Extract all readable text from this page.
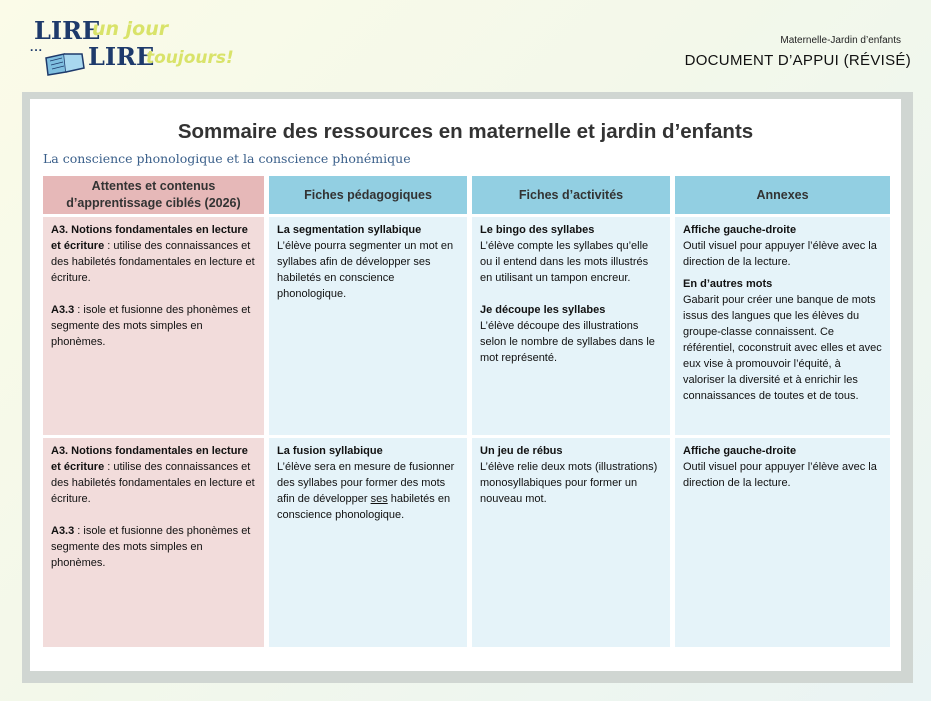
LIRE
un jour
... LIRE
toujours!
Maternelle-Jardin d’enfants
DOCUMENT D’APPUI (RÉVISÉ)
Sommaire des ressources en maternelle et jardin d’enfants
La conscience phonologique et la conscience phonémique
Attentes et contenus d’apprentissage ciblés (2026)
Fiches pédagogiques	Fiches d’activités	Annexes

A3. Notions fondamentales en lecture et écriture : utilise des connaissances et des habiletés fondamentales en lecture et écriture.

A3.3 : isole et fusionne des phonèmes et segmente des mots simples en phonèmes.

La segmentation syllabique

L’élève pourra segmenter un mot en syllabes afin de développer ses habiletés en conscience phonologique.

Le bingo des syllabes

L’élève compte les syllabes qu’elle ou il entend dans les mots illustrés en utilisant un tampon encreur.

Je découpe les syllabes

L’élève découpe des illustrations selon le nombre de syllabes dans le mot représenté.

Affiche gauche-droite

Outil visuel pour appuyer l’élève avec la direction de la lecture.

En d’autres mots

Gabarit pour créer une banque de mots issus des langues que les élèves du groupe-classe connaissent. Ce référentiel, coconstruit avec elles et avec eux vise à promouvoir l’équité, à valoriser la diversité et à enrichir les connaissances de toutes et de tous.

A3. Notions fondamentales en lecture et écriture : utilise des connaissances et des habiletés fondamentales en lecture et écriture.

A3.3 : isole et fusionne des phonèmes et segmente des mots simples en phonèmes.

La fusion syllabique

L’élève sera en mesure de fusionner des syllabes pour former des mots afin de développer ses habiletés en conscience phonologique.

Un jeu de rébus

L’élève relie deux mots (illustrations) monosyllabiques pour former un nouveau mot.

Affiche gauche-droite

Outil visuel pour appuyer l’élève avec la direction de la lecture.
